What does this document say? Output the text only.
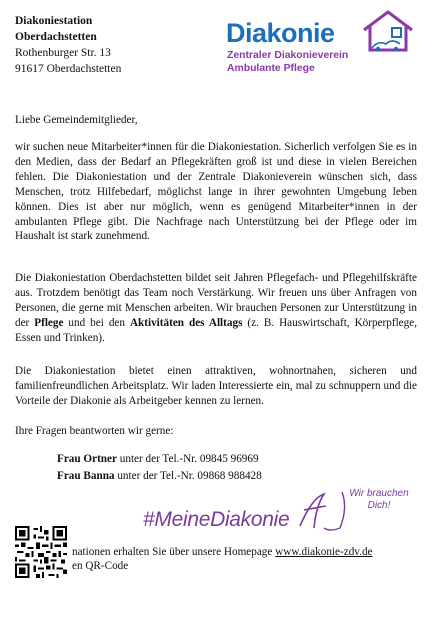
Diakoniestation
Oberdachstetten
Rothenburger Str. 13
91617 Oberdachstetten
Diakonie
Zentraler Diakonieverein
Ambulante Pflege
Liebe Gemeindemitglieder,
wir suchen neue Mitarbeiter*innen für die Diakoniestation. Sicherlich verfolgen Sie es in den Medien, dass der Bedarf an Pflegekräften groß ist und diese in vielen Bereichen fehlen. Die Diakoniestation und der Zentrale Diakonieverein wünschen sich, dass Menschen, trotz Hilfebedarf, möglichst lange in ihrer gewohnten Umgebung leben können. Dies ist aber nur möglich, wenn es genügend Mitarbeiter*innen in der ambulanten Pflege gibt. Die Nachfrage nach Unterstützung bei der Pflege oder im Haushalt ist stark zunehmend.
Die Diakoniestation Oberdachstetten bildet seit Jahren Pflegefach- und Pflegehilfskräfte aus. Trotzdem benötigt das Team noch Verstärkung. Wir freuen uns über Anfragen von Personen, die gerne mit Menschen arbeiten. Wir brauchen Personen zur Unterstützung in der Pflege und bei den Aktivitäten des Alltags (z. B. Hauswirtschaft, Körperpflege, Essen und Trinken).
Die Diakoniestation bietet einen attraktiven, wohnortnahen, sicheren und familienfreundlichen Arbeitsplatz. Wir laden Interessierte ein, mal zu schnuppern und die Vorteile der Diakonie als Arbeitgeber kennen zu lernen.
Ihre Fragen beantworten wir gerne:
Frau Ortner unter der Tel.-Nr. 09845 96969
Frau Banna unter der Tel.-Nr. 09868 988428
#MeineDiakonie
Wir brauchen Dich!
nationen erhalten Sie über unsere Homepage www.diakonie-zdv.de
en QR-Code
